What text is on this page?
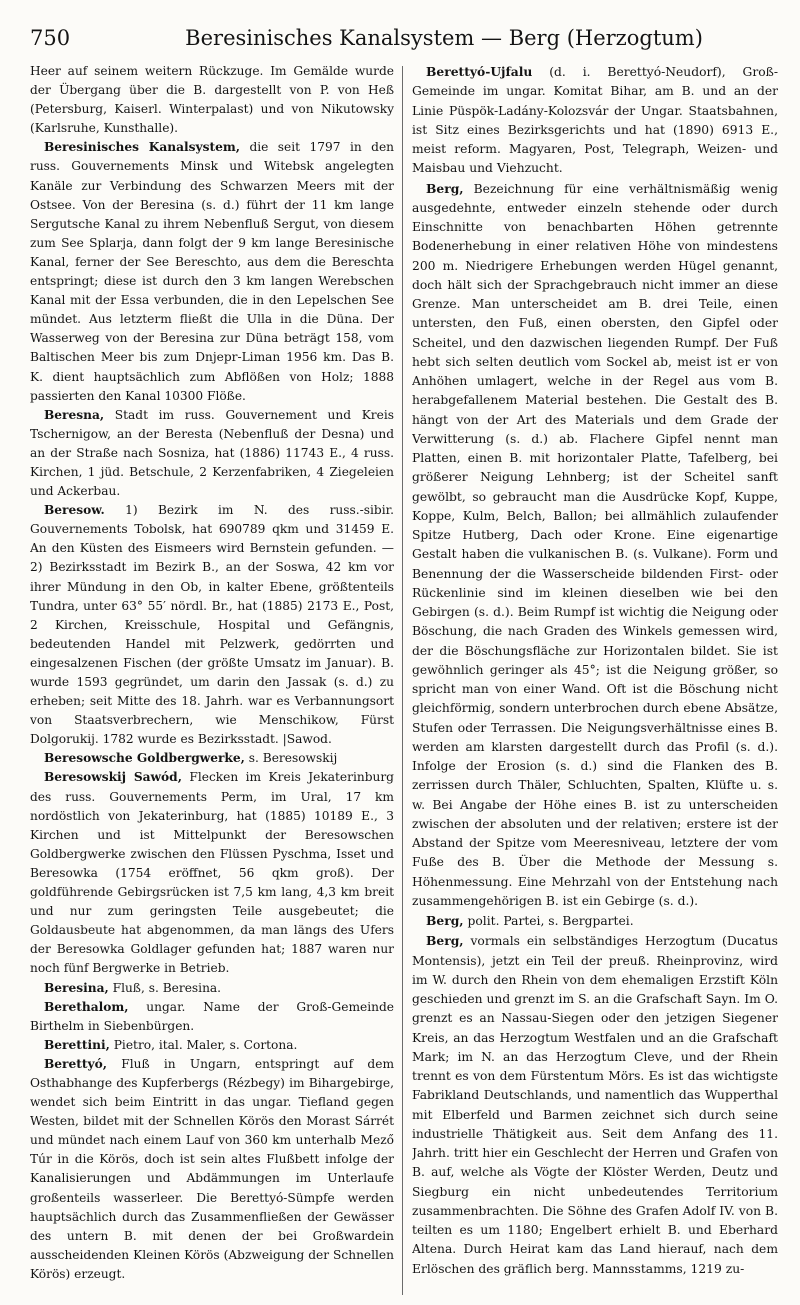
750	Beresinisches Kanalsystem — Berg (Herzogtum)

Heer auf seinem weitern Rückzuge. Im Gemälde wurde der Übergang über die B. dargestellt von P. von Heß (Petersburg, Kaiserl. Winterpalast) und von Nikutowsky (Karlsruhe, Kunsthalle).

Beresinisches Kanalsystem, die seit 1797 in den russ. Gouvernements Minsk und Witebsk angelegten Kanäle zur Verbindung des Schwarzen Meers mit der Ostsee. Von der Beresina (s. d.) führt der 11 km lange Sergutsche Kanal zu ihrem Nebenfluß Sergut, von diesem zum See Splarja, dann folgt der 9 km lange Beresinische Kanal, ferner der See Bereschto, aus dem die Bereschta entspringt; diese ist durch den 3 km langen Werebschen Kanal mit der Essa verbunden, die in den Lepelschen See mündet. Aus letzterm fließt die Ulla in die Düna. Der Wasserweg von der Beresina zur Düna beträgt 158, vom Baltischen Meer bis zum Dnjepr-Liman 1956 km. Das B. K. dient hauptsächlich zum Abflößen von Holz; 1888 passierten den Kanal 10300 Flöße.

Beresna, Stadt im russ. Gouvernement und Kreis Tschernigow, an der Beresta (Nebenfluß der Desna) und an der Straße nach Sosniza, hat (1886) 11743 E., 4 russ. Kirchen, 1 jüd. Betschule, 2 Kerzenfabriken, 4 Ziegeleien und Ackerbau.

Beresow. 1) Bezirk im N. des russ.-sibir. Gouvernements Tobolsk, hat 690789 qkm und 31459 E. An den Küsten des Eismeers wird Bernstein gefunden. — 2) Bezirksstadt im Bezirk B., an der Soswa, 42 km vor ihrer Mündung in den Ob, in kalter Ebene, größtenteils Tundra, unter 63° 55′ nördl. Br., hat (1885) 2173 E., Post, 2 Kirchen, Kreisschule, Hospital und Gefängnis, bedeutenden Handel mit Pelzwerk, gedörrten und eingesalzenen Fischen (der größte Umsatz im Januar). B. wurde 1593 gegründet, um darin den Jassak (s. d.) zu erheben; seit Mitte des 18. Jahrh. war es Verbannungsort von Staatsverbrechern, wie Menschikow, Fürst Dolgorukij. 1782 wurde es Bezirksstadt. |Sawod.

Beresowsche Goldbergwerke, s. Beresowskij

Beresowskij Sawód, Flecken im Kreis Jekaterinburg des russ. Gouvernements Perm, im Ural, 17 km nordöstlich von Jekaterinburg, hat (1885) 10189 E., 3 Kirchen und ist Mittelpunkt der Beresowschen Goldbergwerke zwischen den Flüssen Pyschma, Isset und Beresowka (1754 eröffnet, 56 qkm groß). Der goldführende Gebirgsrücken ist 7,5 km lang, 4,3 km breit und nur zum geringsten Teile ausgebeutet; die Goldausbeute hat abgenommen, da man längs des Ufers der Beresowka Goldlager gefunden hat; 1887 waren nur noch fünf Bergwerke in Betrieb.

Beresina, Fluß, s. Beresina.

Berethalom, ungar. Name der Groß-Gemeinde Birthelm in Siebenbürgen.

Berettini, Pietro, ital. Maler, s. Cortona.

Berettyó, Fluß in Ungarn, entspringt auf dem Osthabhange des Kupferbergs (Rézbegy) im Bihargebirge, wendet sich beim Eintritt in das ungar. Tiefland gegen Westen, bildet mit der Schnellen Körös den Morast Sárrét und mündet nach einem Lauf von 360 km unterhalb Mező Túr in die Körös, doch ist sein altes Flußbett infolge der Kanalisierungen und Abdämmungen im Unterlaufe großenteils wasserleer. Die Berettyó-Sümpfe werden hauptsächlich durch das Zusammenfließen der Gewässer des untern B. mit denen der bei Großwardein ausscheidenden Kleinen Körös (Abzweigung der Schnellen Körös) erzeugt.

Berettyó-Ujfalu (d. i. Berettyó-Neudorf), Groß-Gemeinde im ungar. Komitat Bihar, am B. und an der Linie Püspök-Ladány-Kolozsvár der Ungar. Staatsbahnen, ist Sitz eines Bezirksgerichts und hat (1890) 6913 E., meist reform. Magyaren, Post, Telegraph, Weizen- und Maisbau und Viehzucht.

Berg, Bezeichnung für eine verhältnismäßig wenig ausgedehnte, entweder einzeln stehende oder durch Einschnitte von benachbarten Höhen getrennte Bodenerhebung in einer relativen Höhe von mindestens 200 m. Niedrigere Erhebungen werden Hügel genannt, doch hält sich der Sprachgebrauch nicht immer an diese Grenze. Man unterscheidet am B. drei Teile, einen untersten, den Fuß, einen obersten, den Gipfel oder Scheitel, und den dazwischen liegenden Rumpf. Der Fuß hebt sich selten deutlich vom Sockel ab, meist ist er von Anhöhen umlagert, welche in der Regel aus vom B. herabgefallenem Material bestehen. Die Gestalt des B. hängt von der Art des Materials und dem Grade der Verwitterung (s. d.) ab. Flachere Gipfel nennt man Platten, einen B. mit horizontaler Platte, Tafelberg, bei größerer Neigung Lehnberg; ist der Scheitel sanft gewölbt, so gebraucht man die Ausdrücke Kopf, Kuppe, Koppe, Kulm, Belch, Ballon; bei allmählich zulaufender Spitze Hutberg, Dach oder Krone. Eine eigenartige Gestalt haben die vulkanischen B. (s. Vulkane). Form und Benennung der die Wasserscheide bildenden First- oder Rückenlinie sind im kleinen dieselben wie bei den Gebirgen (s. d.). Beim Rumpf ist wichtig die Neigung oder Böschung, die nach Graden des Winkels gemessen wird, der die Böschungsfläche zur Horizontalen bildet. Sie ist gewöhnlich geringer als 45°; ist die Neigung größer, so spricht man von einer Wand. Oft ist die Böschung nicht gleichförmig, sondern unterbrochen durch ebene Absätze, Stufen oder Terrassen. Die Neigungsverhältnisse eines B. werden am klarsten dargestellt durch das Profil (s. d.). Infolge der Erosion (s. d.) sind die Flanken des B. zerrissen durch Thäler, Schluchten, Spalten, Klüfte u. s. w. Bei Angabe der Höhe eines B. ist zu unterscheiden zwischen der absoluten und der relativen; erstere ist der Abstand der Spitze vom Meeresniveau, letztere der vom Fuße des B. Über die Methode der Messung s. Höhenmessung. Eine Mehrzahl von der Entstehung nach zusammengehörigen B. ist ein Gebirge (s. d.).

Berg, polit. Partei, s. Bergpartei.

Berg, vormals ein selbständiges Herzogtum (Ducatus Montensis), jetzt ein Teil der preuß. Rheinprovinz, wird im W. durch den Rhein von dem ehemaligen Erzstift Köln geschieden und grenzt im S. an die Grafschaft Sayn. Im O. grenzt es an Nassau-Siegen oder den jetzigen Siegener Kreis, an das Herzogtum Westfalen und an die Grafschaft Mark; im N. an das Herzogtum Cleve, und der Rhein trennt es von dem Fürstentum Mörs. Es ist das wichtigste Fabrikland Deutschlands, und namentlich das Wupperthal mit Elberfeld und Barmen zeichnet sich durch seine industrielle Thätigkeit aus. Seit dem Anfang des 11. Jahrh. tritt hier ein Geschlecht der Herren und Grafen von B. auf, welche als Vögte der Klöster Werden, Deutz und Siegburg ein nicht unbedeutendes Territorium zusammenbrachten. Die Söhne des Grafen Adolf IV. von B. teilten es um 1180; Engelbert erhielt B. und Eberhard Altena. Durch Heirat kam das Land hierauf, nach dem Erlöschen des gräflich berg. Mannsstamms, 1219 zu-
